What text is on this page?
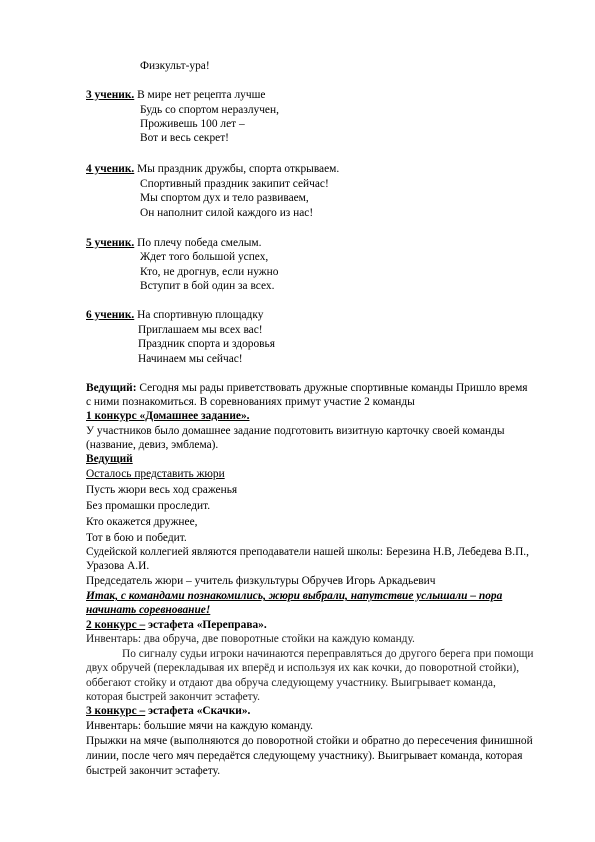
Физкульт-ура!
3 ученик. В мире нет рецепта лучше
Будь со спортом неразлучен,
Проживешь 100 лет –
Вот и весь секрет!
4 ученик. Мы праздник дружбы, спорта открываем.
Спортивный праздник закипит сейчас!
Мы спортом дух и тело развиваем,
Он наполнит силой каждого из нас!
5 ученик. По плечу победа смелым.
Ждет того большой успех,
Кто, не дрогнув, если нужно
Вступит в бой один за всех.
6 ученик. На спортивную площадку
Приглашаем мы всех вас!
Праздник спорта и здоровья
Начинаем мы сейчас!
Ведущий: Сегодня мы рады приветствовать дружные спортивные команды Пришло время
с ними познакомиться. В соревнованиях примут участие 2 команды
1 конкурс «Домашнее задание».
У участников было домашнее задание подготовить визитную карточку своей команды
(название, девиз, эмблема).
Ведущий
Осталось представить жюри
Пусть жюри весь ход сраженья
Без промашки проследит.
Кто окажется дружнее,
Тот в бою и победит.
Судейской коллегией являются преподаватели нашей школы: Березина Н.В, Лебедева В.П.,
Уразова А.И.
Председатель жюри – учитель физкультуры Обручев Игорь Аркадьевич
Итак, с командами познакомились, жюри выбрали, напутствие услышали – пора
начинать соревнование!
2 конкурс – эстафета «Переправа».
Инвентарь: два обруча, две поворотные стойки на каждую команду.
По сигналу судьи игроки начинаются переправляться до другого берега при помощи
двух обручей (перекладывая их вперёд и используя их как кочки, до поворотной стойки),
оббегают стойку и отдают два обруча следующему участнику. Выигрывает команда,
которая быстрей закончит эстафету.
3 конкурс – эстафета «Скачки».
Инвентарь: большие мячи на каждую команду.
Прыжки на мяче (выполняются до поворотной стойки и обратно до пересечения финишной
линии, после чего мяч передаётся следующему участнику). Выигрывает команда, которая
быстрей закончит эстафету.
